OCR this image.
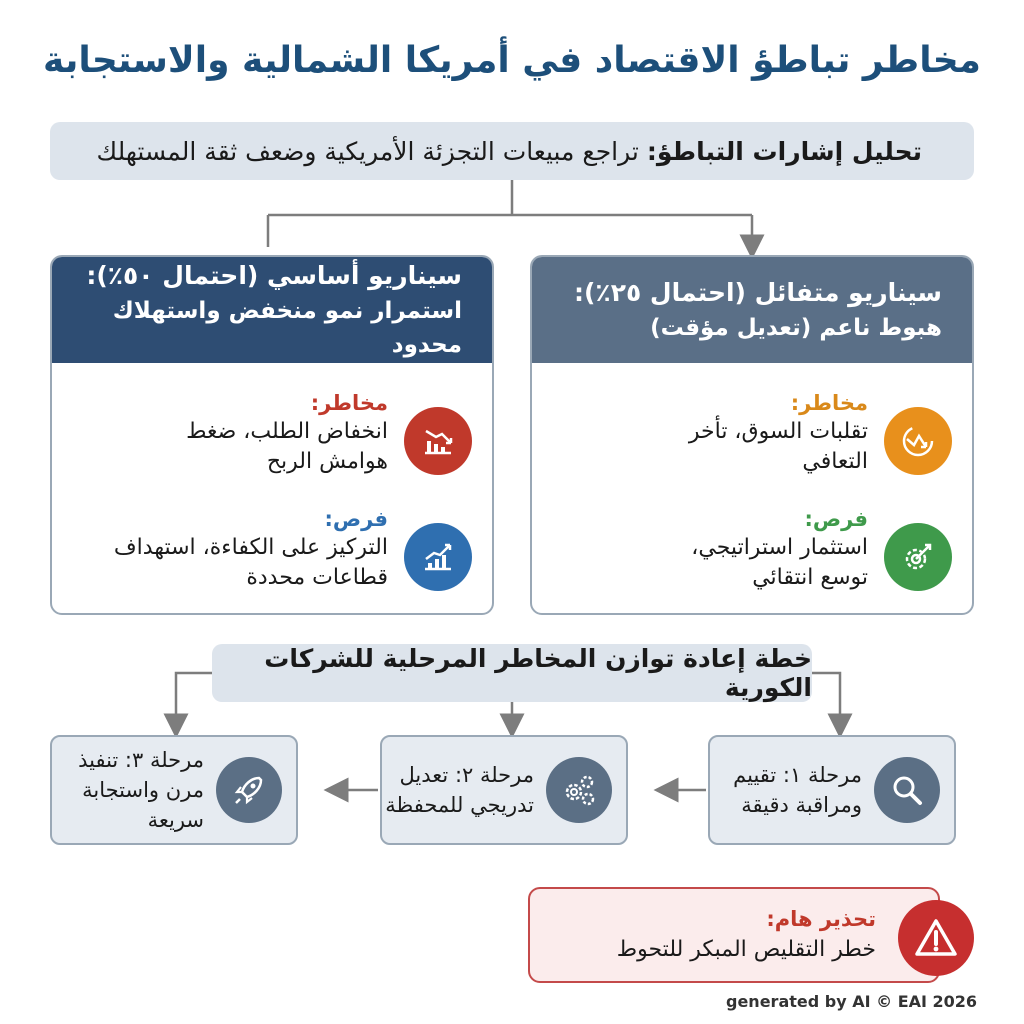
مخاطر تباطؤ الاقتصاد في أمريكا الشمالية والاستجابة
تحليل إشارات التباطؤ:
تراجع مبيعات التجزئة الأمريكية وضعف ثقة المستهلك
سيناريو متفائل (احتمال ٢٥٪):
هبوط ناعم (تعديل مؤقت)
مخاطر:
تقلبات السوق، تأخر التعافي
فرص:
استثمار استراتيجي، توسع انتقائي
سيناريو أساسي (احتمال ٥٠٪):
استمرار نمو منخفض واستهلاك محدود
مخاطر:
انخفاض الطلب، ضغط هوامش الربح
فرص:
التركيز على الكفاءة، استهداف قطاعات محددة
خطة إعادة توازن المخاطر المرحلية للشركات الكورية
مرحلة ١: تقييم ومراقبة دقيقة
مرحلة ٢: تعديل تدريجي للمحفظة
مرحلة ٣: تنفيذ مرن واستجابة سريعة
تحذير هام:
خطر التقليص المبكر للتحوط
generated by AI © EAI 2026
